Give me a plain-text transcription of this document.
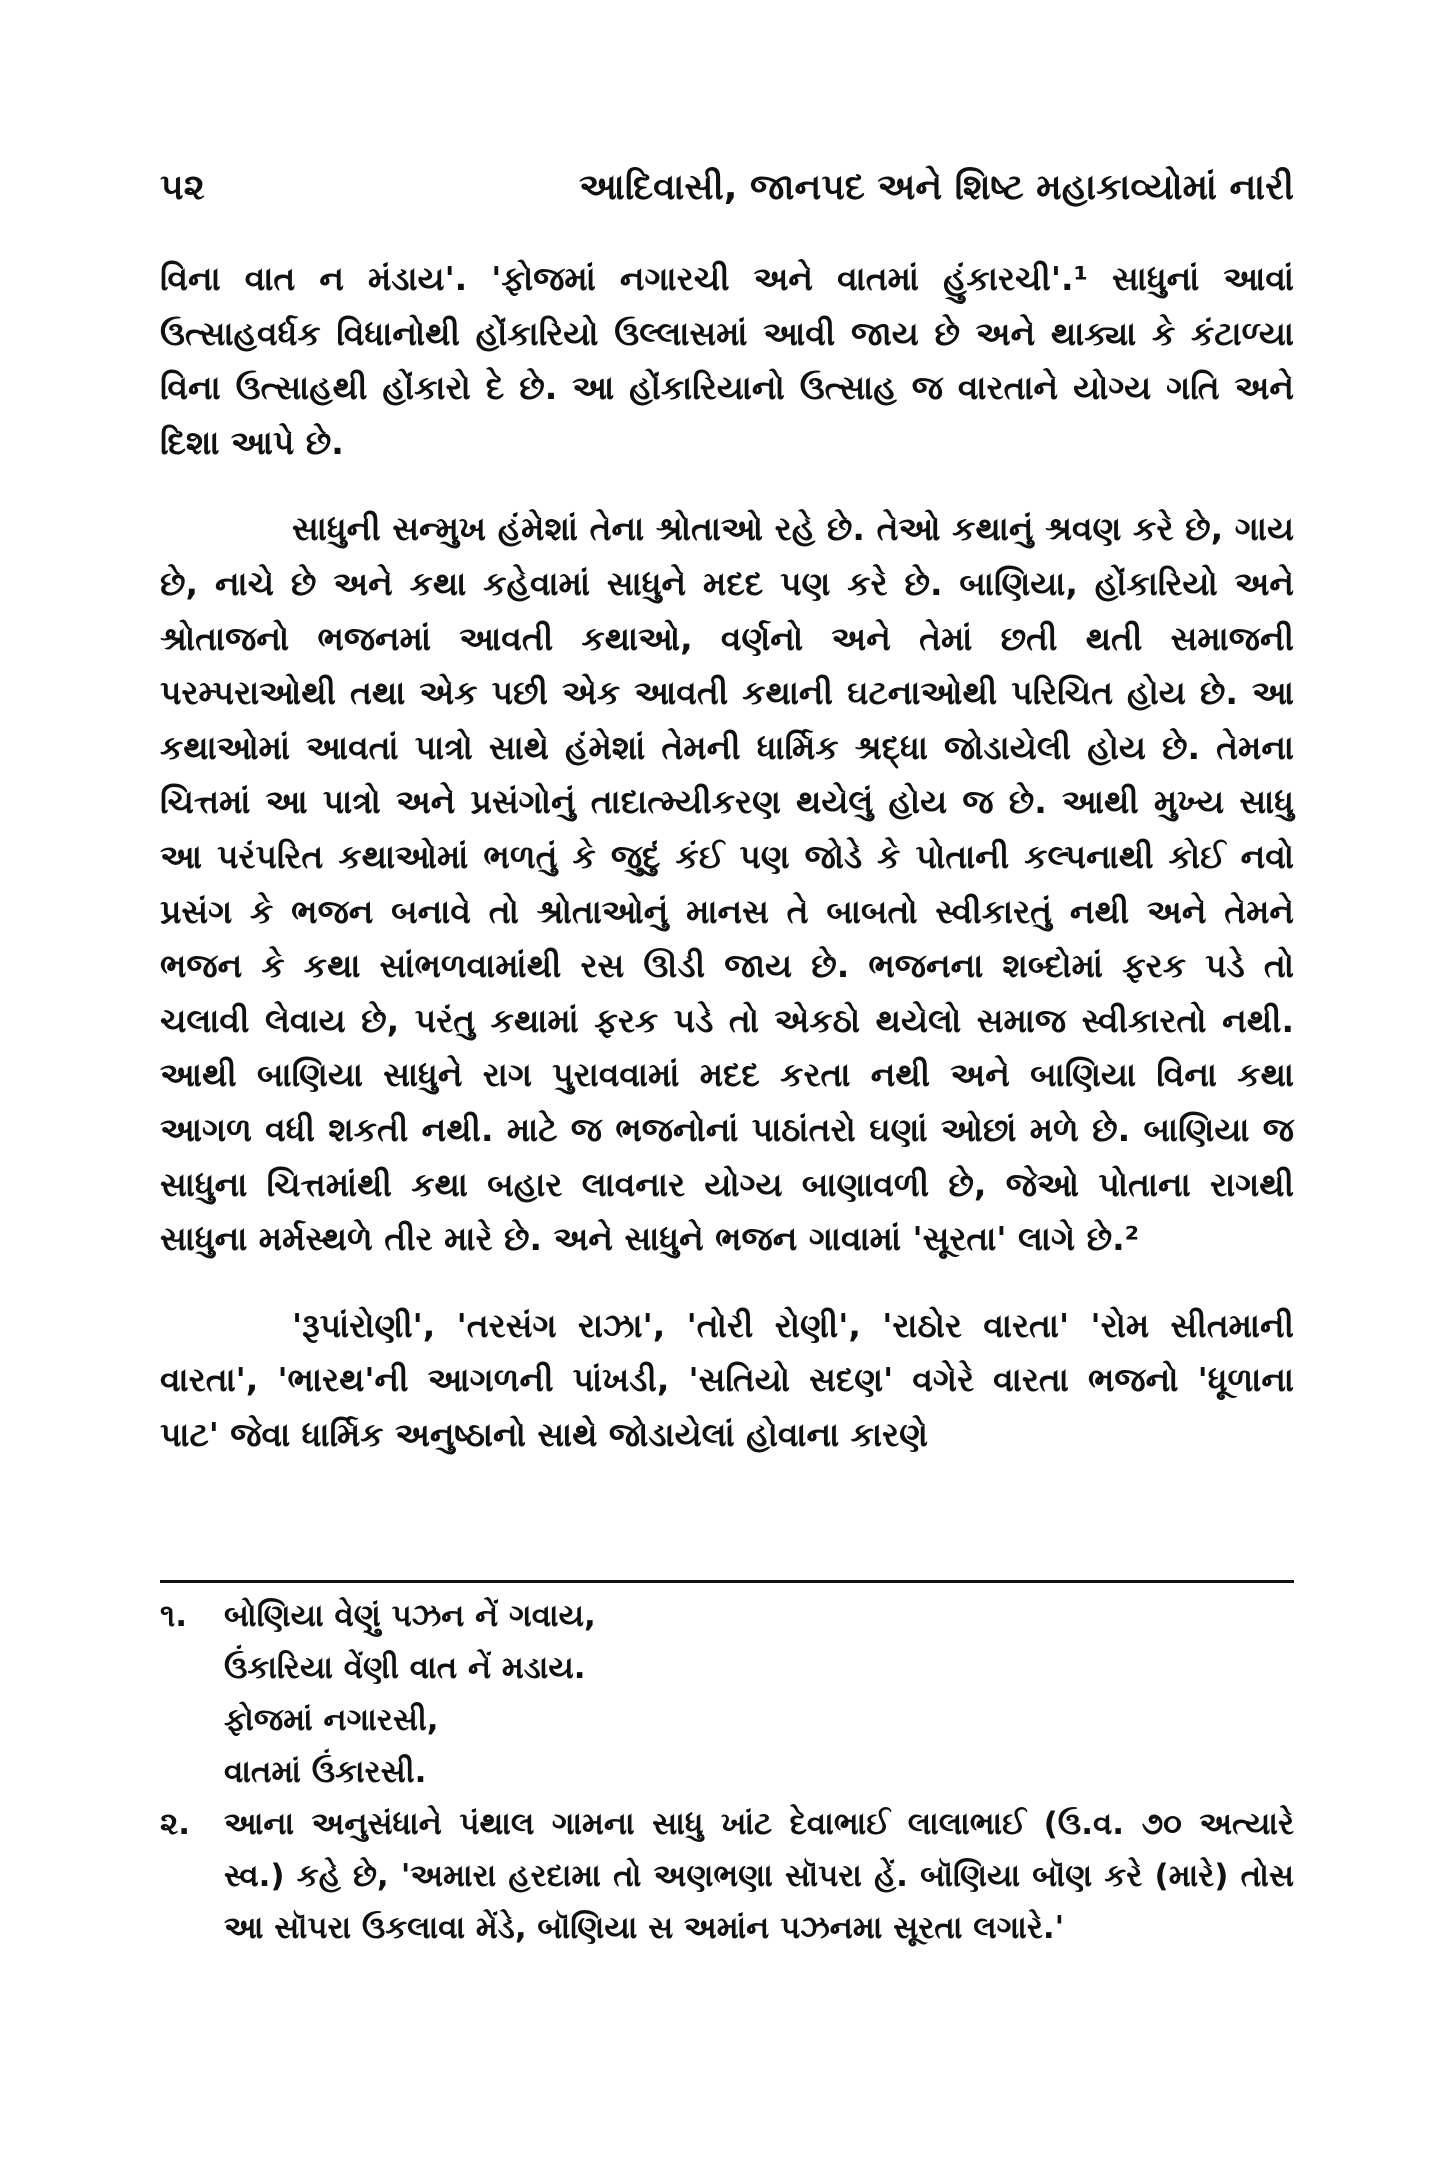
૫૨	આદિવાસી, જાનપદ અને શિષ્ટ મહાકાવ્યોમાં નારી

વિના વાત ન મંડાય'. 'ફોજમાં નગારચી અને વાતમાં હુંકારચી'.¹ સાધુનાં આવાં ઉત્સાહવર્ધક વિધાનોથી હોંકારિયો ઉલ્લાસમાં આવી જાય છે અને થાક્યા કે કંટાળ્યા વિના ઉત્સાહથી હોંકારો દે છે. આ હોંકારિયાનો ઉત્સાહ જ વારતાને યોગ્ય ગતિ અને દિશા આપે છે.

સાધુની સન્મુખ હંમેશાં તેના શ્રોતાઓ રહે છે. તેઓ કથાનું શ્રવણ કરે છે, ગાય છે, નાચે છે અને કથા કહેવામાં સાધુને મદદ પણ કરે છે. બાણિયા, હોંકારિયો અને શ્રોતાજનો ભજનમાં આવતી કથાઓ, વર્ણનો અને તેમાં છતી થતી સમાજની પરમ્પરાઓથી તથા એક પછી એક આવતી કથાની ઘટનાઓથી પરિચિત હોય છે. આ કથાઓમાં આવતાં પાત્રો સાથે હંમેશાં તેમની ધાર્મિક શ્રદ્ધા જોડાયેલી હોય છે. તેમના ચિત્તમાં આ પાત્રો અને પ્રસંગોનું તાદાત્મ્યીકરણ થયેલું હોય જ છે. આથી મુખ્ય સાધુ આ પરંપરિત કથાઓમાં ભળતું કે જુદું કંઈ પણ જોડે કે પોતાની કલ્પનાથી કોઈ નવો પ્રસંગ કે ભજન બનાવે તો શ્રોતાઓનું માનસ તે બાબતો સ્વીકારતું નથી અને તેમને ભજન કે કથા સાંભળવામાંથી રસ ઊડી જાય છે. ભજનના શબ્દોમાં ફરક પડે તો ચલાવી લેવાય છે, પરંતુ કથામાં ફરક પડે તો એકઠો થયેલો સમાજ સ્વીકારતો નથી. આથી બાણિયા સાધુને રાગ પુરાવવામાં મદદ કરતા નથી અને બાણિયા વિના કથા આગળ વધી શકતી નથી. માટે જ ભજનોનાં પાઠાંતરો ઘણાં ઓછાં મળે છે. બાણિયા જ સાધુના ચિત્તમાંથી કથા બહાર લાવનાર યોગ્ય બાણાવળી છે, જેઓ પોતાના રાગથી સાધુના મર્મસ્થળે તીર મારે છે. અને સાધુને ભજન ગાવામાં 'સૂરતા' લાગે છે.²

'રૂપાંરોણી', 'તરસંગ રાઝા', 'તોરી રોણી', 'રાઠોર વારતા' 'રોમ સીતમાની વારતા', 'ભારથ'ની આગળની પાંખડી, 'સતિયો સદણ' વગેરે વારતા ભજનો 'ધૂળાના પાટ' જેવા ધાર્મિક અનુષ્ઠાનો સાથે જોડાયેલાં હોવાના કારણે

૧. બોણિયા વેણું પઝન નેં ગવાય,
ઉંકારિયા વેંણી વાત નેં મડાય.
ફોજમાં નગારસી,
વાતમાં ઉંકારસી.
૨. આના અનુસંધાને પંથાલ ગામના સાધુ ખાંટ દેવાભાઈ લાલાભાઈ (ઉ.વ. ૭૦ અત્યારે સ્વ.) કહે છે, 'અમારા હરદામા તો અણભણા સૉપરા હેં. બૉણિયા બૉણ કરે (મારે) તોસ આ સૉપરા ઉકલાવા મેંડે, બૉણિયા સ અમાંન પઝનમા સૂરતા લગારે.'
